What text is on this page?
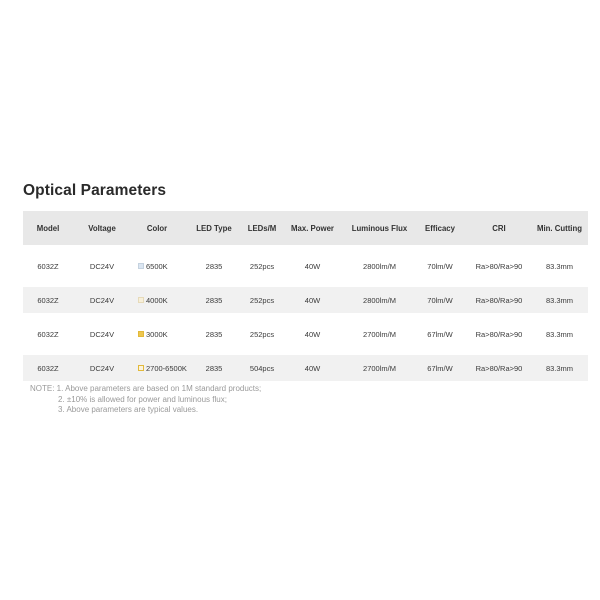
Optical Parameters
Model	Voltage	Color	LED Type	LEDs/M	Max. Power	Luminous Flux	Efficacy	CRI	Min. Cutting
6032Z	DC24V	6500K	2835	252pcs	40W	2800lm/M	70lm/W	Ra>80/Ra>90	83.3mm
6032Z	DC24V	4000K	2835	252pcs	40W	2800lm/M	70lm/W	Ra>80/Ra>90	83.3mm
6032Z	DC24V	3000K	2835	252pcs	40W	2700lm/M	67lm/W	Ra>80/Ra>90	83.3mm
6032Z	DC24V	2700-6500K	2835	504pcs	40W	2700lm/M	67lm/W	Ra>80/Ra>90	83.3mm
NOTE: 1. Above parameters are based on 1M standard products;
2. ±10% is allowed for power and luminous flux;
3. Above parameters are typical values.
